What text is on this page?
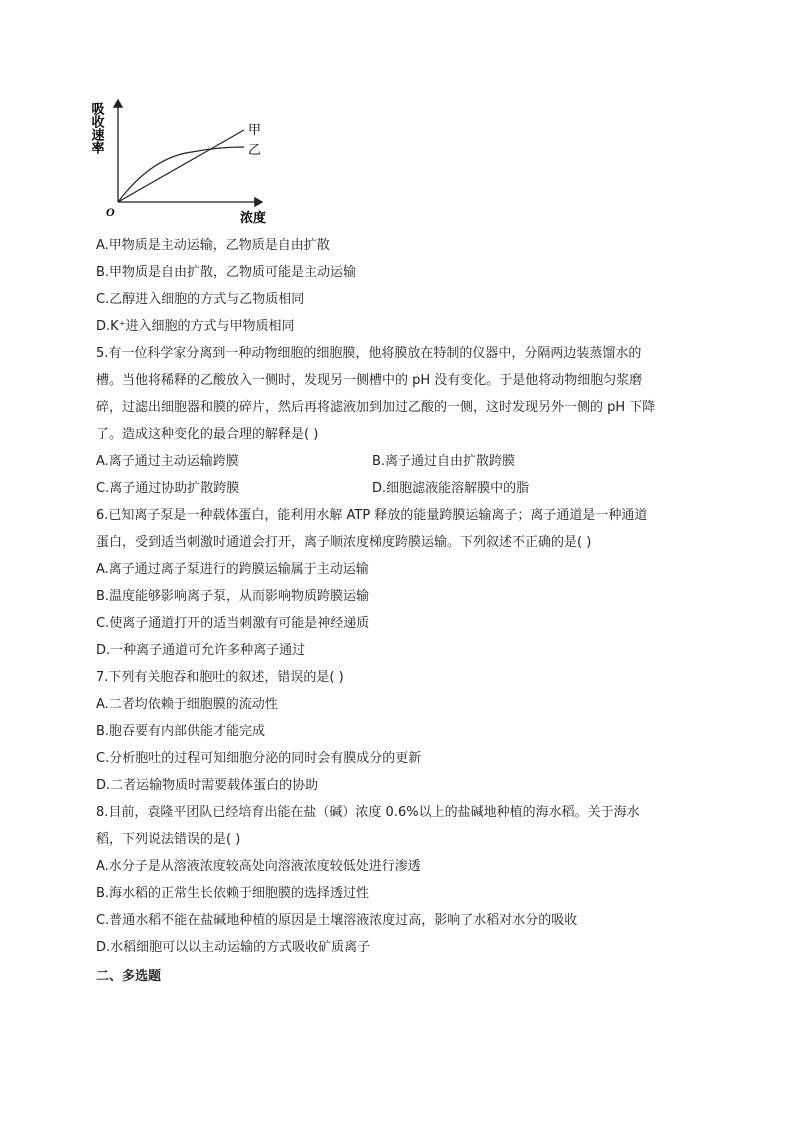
吸收速率
浓度
O
甲
乙
A.甲物质是主动运输，乙物质是自由扩散
B.甲物质是自由扩散，乙物质可能是主动运输
C.乙醇进入细胞的方式与乙物质相同
D.K⁺进入细胞的方式与甲物质相同
5.有一位科学家分离到一种动物细胞的细胞膜，他将膜放在特制的仪器中，分隔两边装蒸馏水的
槽。当他将稀释的乙酸放入一侧时，发现另一侧槽中的 pH 没有变化。于是他将动物细胞匀浆磨
碎，过滤出细胞器和膜的碎片，然后再将滤液加到加过乙酸的一侧，这时发现另外一侧的 pH 下降
了。造成这种变化的最合理的解释是( )
A.离子通过主动运输跨膜	B.离子通过自由扩散跨膜
C.离子通过协助扩散跨膜	D.细胞滤液能溶解膜中的脂
6.已知离子泵是一种载体蛋白，能利用水解 ATP 释放的能量跨膜运输离子；离子通道是一种通道
蛋白，受到适当刺激时通道会打开，离子顺浓度梯度跨膜运输。下列叙述不正确的是( )
A.离子通过离子泵进行的跨膜运输属于主动运输
B.温度能够影响离子泵，从而影响物质跨膜运输
C.使离子通道打开的适当刺激有可能是神经递质
D.一种离子通道可允许多种离子通过
7.下列有关胞吞和胞吐的叙述，错误的是( )
A.二者均依赖于细胞膜的流动性
B.胞吞要有内部供能才能完成
C.分析胞吐的过程可知细胞分泌的同时会有膜成分的更新
D.二者运输物质时需要载体蛋白的协助
8.目前，袁隆平团队已经培育出能在盐（碱）浓度 0.6%以上的盐碱地种植的海水稻。关于海水
稻，下列说法错误的是( )
A.水分子是从溶液浓度较高处向溶液浓度较低处进行渗透
B.海水稻的正常生长依赖于细胞膜的选择透过性
C.普通水稻不能在盐碱地种植的原因是土壤溶液浓度过高，影响了水稻对水分的吸收
D.水稻细胞可以以主动运输的方式吸收矿质离子
二、多选题
